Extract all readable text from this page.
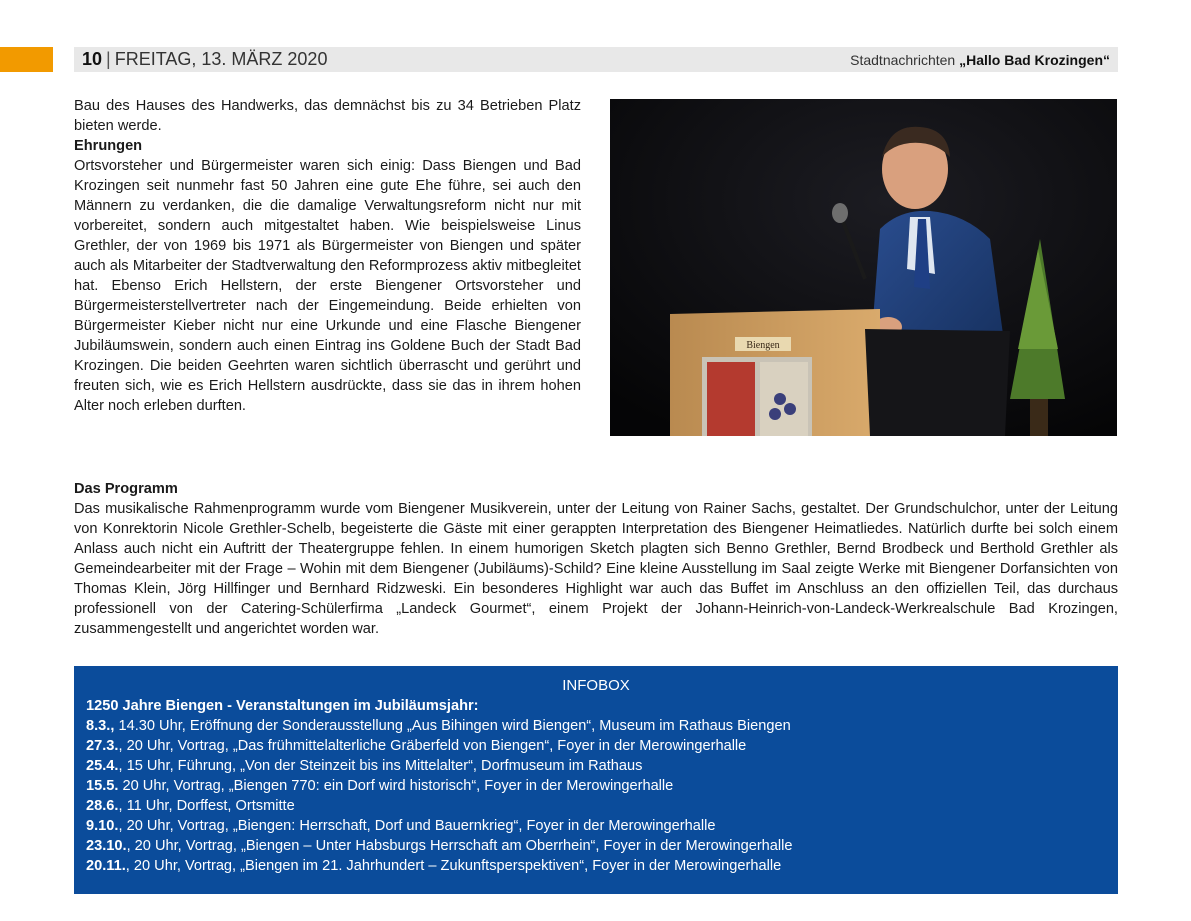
10 | FREITAG, 13. MÄRZ 2020	Stadtnachrichten „Hallo Bad Krozingen“

Bau des Hauses des Handwerks, das demnächst bis zu 34 Betrieben Platz bieten werde.

Ehrungen

Ortsvorsteher und Bürgermeister waren sich einig: Dass Biengen und Bad Krozingen seit nunmehr fast 50 Jahren eine gute Ehe führe, sei auch den Männern zu verdanken, die die damalige Verwaltungsreform nicht nur mit vorbereitet, sondern auch mitgestaltet haben. Wie beispielsweise Linus Grethler, der von 1969 bis 1971 als Bürgermeister von Biengen und später auch als Mitarbeiter der Stadtverwaltung den Reformprozess aktiv mitbegleitet hat. Ebenso Erich Hellstern, der erste Biengener Ortsvorsteher und Bürgermeisterstellvertreter nach der Eingemeindung. Beide erhielten von Bürgermeister Kieber nicht nur eine Urkunde und eine Flasche Biengener Jubiläumswein, sondern auch einen Eintrag ins Goldene Buch der Stadt Bad Krozingen. Die beiden Geehrten waren sichtlich überrascht und gerührt und freuten sich, wie es Erich Hellstern ausdrückte, dass sie das in ihrem hohen Alter noch erleben durften.

Biengen

Das Programm

Das musikalische Rahmenprogramm wurde vom Biengener Musikverein, unter der Leitung von Rainer Sachs, gestaltet. Der Grundschulchor, unter der Leitung von Konrektorin Nicole Grethler-Schelb, begeisterte die Gäste mit einer gerappten Interpretation des Biengener Heimatliedes. Natürlich durfte bei solch einem Anlass auch nicht ein Auftritt der Theatergruppe fehlen. In einem humorigen Sketch plagten sich Benno Grethler, Bernd Brodbeck und Berthold Grethler als Gemeindearbeiter mit der Frage – Wohin mit dem Biengener (Jubiläums)-Schild? Eine kleine Ausstellung im Saal zeigte Werke mit Biengener Dorfansichten von Thomas Klein, Jörg Hillfinger und Bernhard Ridzweski. Ein besonderes Highlight war auch das Buffet im Anschluss an den offiziellen Teil, das durchaus professionell von der Catering-Schülerfirma „Landeck Gourmet“, einem Projekt der Johann-Heinrich-von-Landeck-Werkrealschule Bad Krozingen, zusammengestellt und angerichtet worden war.

INFOBOX

1250 Jahre Biengen - Veranstaltungen im Jubiläumsjahr:

8.3., 14.30 Uhr, Eröffnung der Sonderausstellung „Aus Bihingen wird Biengen“, Museum im Rathaus Biengen

27.3., 20 Uhr, Vortrag, „Das frühmittelalterliche Gräberfeld von Biengen“, Foyer in der Merowingerhalle

25.4., 15 Uhr, Führung, „Von der Steinzeit bis ins Mittelalter“, Dorfmuseum im Rathaus

15.5. 20 Uhr, Vortrag, „Biengen 770: ein Dorf wird historisch“, Foyer in der Merowingerhalle

28.6., 11 Uhr, Dorffest, Ortsmitte

9.10., 20 Uhr, Vortrag, „Biengen: Herrschaft, Dorf und Bauernkrieg“, Foyer in der Merowingerhalle

23.10., 20 Uhr, Vortrag, „Biengen – Unter Habsburgs Herrschaft am Oberrhein“, Foyer in der Merowingerhalle

20.11., 20 Uhr, Vortrag, „Biengen im 21. Jahrhundert – Zukunftsperspektiven“, Foyer in der Merowingerhalle
